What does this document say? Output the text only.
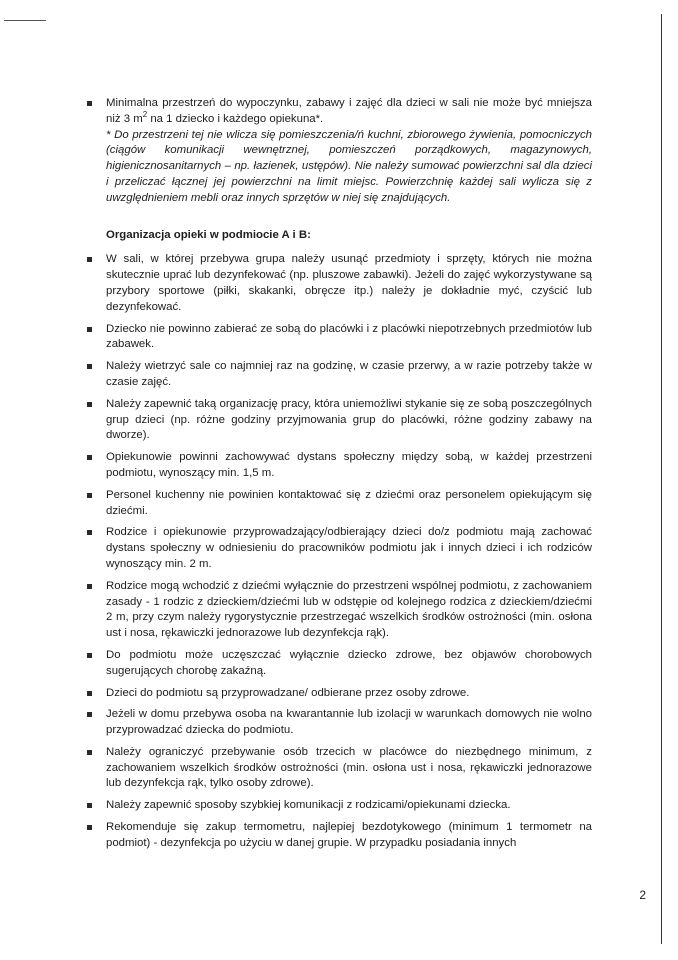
Minimalna przestrzeń do wypoczynku, zabawy i zajęć dla dzieci w sali nie może być mniejsza niż 3 $m^2$ na 1 dziecko i każdego opiekuna*.
* Do przestrzeni tej nie wlicza się pomieszczenia/ń kuchni, zbiorowego żywienia, pomocniczych (ciągów komunikacji wewnętrznej, pomieszczeń porządkowych, magazynowych, higienicznosanitarnych – np. łazienek, ustępów). Nie należy sumować powierzchni sal dla dzieci i przeliczać łącznej jej powierzchni na limit miejsc. Powierzchnię każdej sali wylicza się z uwzględnieniem mebli oraz innych sprzętów w niej się znajdujących.
Organizacja opieki w podmiocie A i B:
W sali, w której przebywa grupa należy usunąć przedmioty i sprzęty, których nie można skutecznie uprać lub dezynfekować (np. pluszowe zabawki). Jeżeli do zajęć wykorzystywane są przybory sportowe (piłki, skakanki, obręcze itp.) należy je dokładnie myć, czyścić lub dezynfekować.
Dziecko nie powinno zabierać ze sobą do placówki i z placówki niepotrzebnych przedmiotów lub zabawek.
Należy wietrzyć sale co najmniej raz na godzinę, w czasie przerwy, a w razie potrzeby także w czasie zajęć.
Należy zapewnić taką organizację pracy, która uniemożliwi stykanie się ze sobą poszczególnych grup dzieci (np. różne godziny przyjmowania grup do placówki, różne godziny zabawy na dworze).
Opiekunowie powinni zachowywać dystans społeczny między sobą, w każdej przestrzeni podmiotu, wynoszący min. 1,5 m.
Personel kuchenny nie powinien kontaktować się z dziećmi oraz personelem opiekującym się dziećmi.
Rodzice i opiekunowie przyprowadzający/odbierający dzieci do/z podmiotu mają zachować dystans społeczny w odniesieniu do pracowników podmiotu jak i innych dzieci i ich rodziców wynoszący min. 2 m.
Rodzice mogą wchodzić z dziećmi wyłącznie do przestrzeni wspólnej podmiotu, z zachowaniem zasady - 1 rodzic z dzieckiem/dziećmi lub w odstępie od kolejnego rodzica z dzieckiem/dziećmi 2 m, przy czym należy rygorystycznie przestrzegać wszelkich środków ostrożności (min. osłona ust i nosa, rękawiczki jednorazowe lub dezynfekcja rąk).
Do podmiotu może uczęszczać wyłącznie dziecko zdrowe, bez objawów chorobowych sugerujących chorobę zakaźną.
Dzieci do podmiotu są przyprowadzane/ odbierane przez osoby zdrowe.
Jeżeli w domu przebywa osoba na kwarantannie lub izolacji w warunkach domowych nie wolno przyprowadzać dziecka do podmiotu.
Należy ograniczyć przebywanie osób trzecich w placówce do niezbędnego minimum, z zachowaniem wszelkich środków ostrożności (min. osłona ust i nosa, rękawiczki jednorazowe lub dezynfekcja rąk, tylko osoby zdrowe).
Należy zapewnić sposoby szybkiej komunikacji z rodzicami/opiekunami dziecka.
Rekomenduje się zakup termometru, najlepiej bezdotykowego (minimum 1 termometr na podmiot) - dezynfekcja po użyciu w danej grupie. W przypadku posiadania innych
2
